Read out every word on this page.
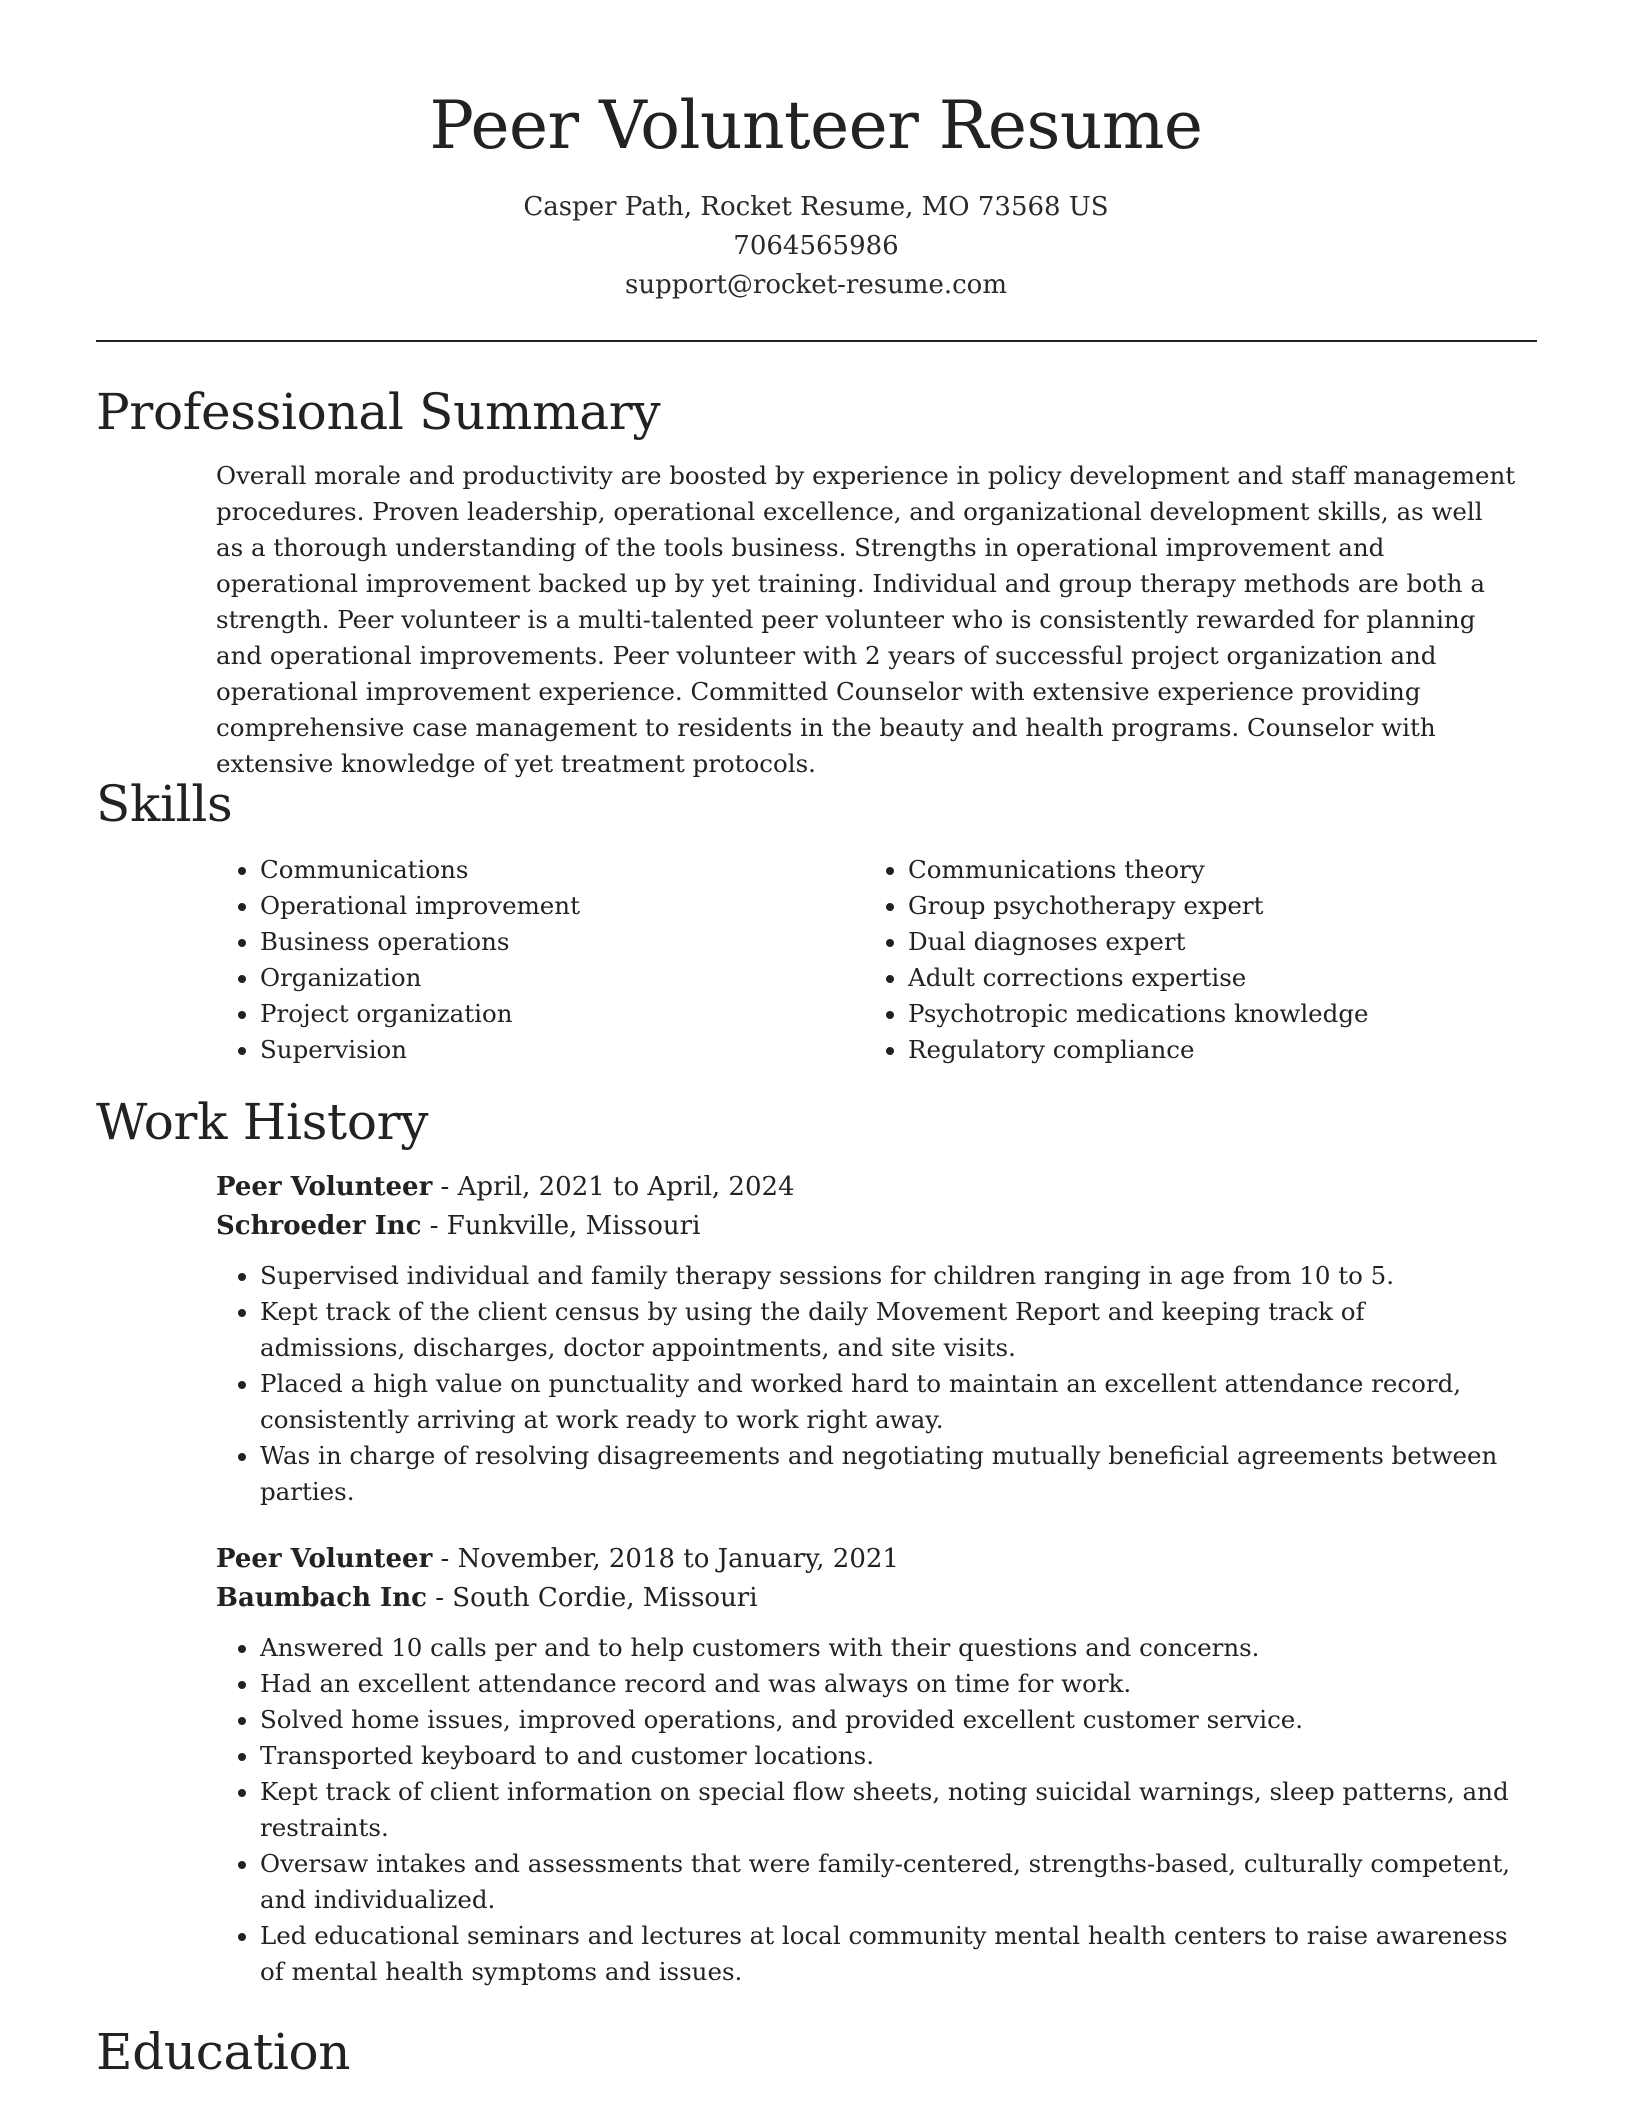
Peer Volunteer Resume
Casper Path, Rocket Resume, MO 73568 US
7064565986
support@rocket-resume.com
Professional Summary
Overall morale and productivity are boosted by experience in policy development and staff management procedures. Proven leadership, operational excellence, and organizational development skills, as well as a thorough understanding of the tools business. Strengths in operational improvement and operational improvement backed up by yet training. Individual and group therapy methods are both a strength. Peer volunteer is a multi-talented peer volunteer who is consistently rewarded for planning and operational improvements. Peer volunteer with 2 years of successful project organization and operational improvement experience. Committed Counselor with extensive experience providing comprehensive case management to residents in the beauty and health programs. Counselor with extensive knowledge of yet treatment protocols.
Skills
• Communications
• Operational improvement
• Business operations
• Organization
• Project organization
• Supervision
• Communications theory
• Group psychotherapy expert
• Dual diagnoses expert
• Adult corrections expertise
• Psychotropic medications knowledge
• Regulatory compliance
Work History
Peer Volunteer - April, 2021 to April, 2024
Schroeder Inc - Funkville, Missouri
• Supervised individual and family therapy sessions for children ranging in age from 10 to 5.
• Kept track of the client census by using the daily Movement Report and keeping track of admissions, discharges, doctor appointments, and site visits.
• Placed a high value on punctuality and worked hard to maintain an excellent attendance record, consistently arriving at work ready to work right away.
• Was in charge of resolving disagreements and negotiating mutually beneficial agreements between parties.
Peer Volunteer - November, 2018 to January, 2021
Baumbach Inc - South Cordie, Missouri
• Answered 10 calls per and to help customers with their questions and concerns.
• Had an excellent attendance record and was always on time for work.
• Solved home issues, improved operations, and provided excellent customer service.
• Transported keyboard to and customer locations.
• Kept track of client information on special flow sheets, noting suicidal warnings, sleep patterns, and restraints.
• Oversaw intakes and assessments that were family-centered, strengths-based, culturally competent, and individualized.
• Led educational seminars and lectures at local community mental health centers to raise awareness of mental health symptoms and issues.
Education
